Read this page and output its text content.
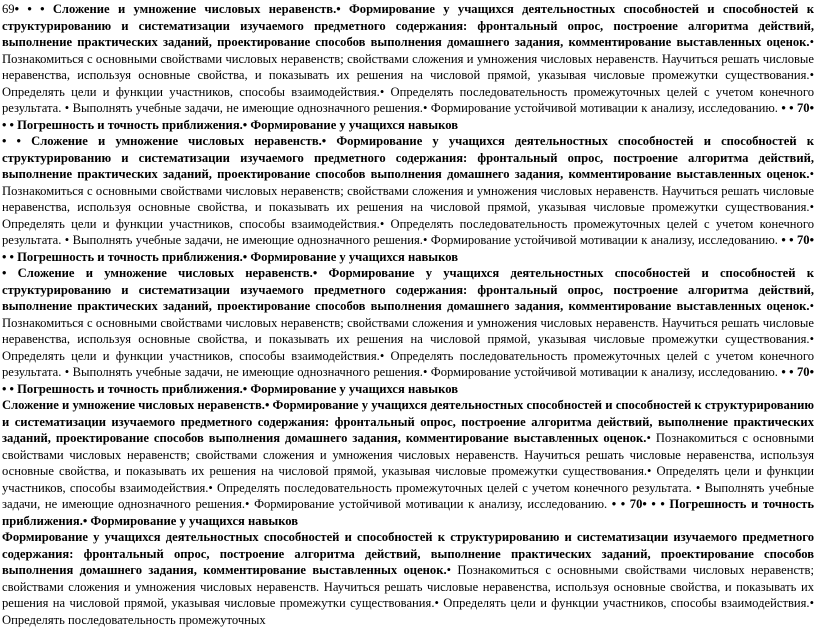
69• • • Сложение и умножение числовых неравенств.• Формирование у учащихся деятельностных способностей и способностей к структурированию и систематизации изучаемого предметного содержания: фронтальный опрос, построение алгоритма действий, выполнение практических заданий, проектирование способов выполнения домашнего задания, комментирование выставленных оценок.• Познакомиться с основными свойствами числовых неравенств; свойствами сложения и умножения числовых неравенств. Научиться решать числовые неравенства, используя основные свойства, и показывать их решения на числовой прямой, указывая числовые промежутки существования.• Определять цели и функции участников, способы взаимодействия.• Определять последовательность промежуточных целей с учетом конечного результата. • Выполнять учебные задачи, не имеющие однозначного решения.• Формирование устойчивой мотивации к анализу, исследованию. • • 70• • • Погрешность и точность приближения.• Формирование у учащихся навыков

• • Сложение и умножение числовых неравенств.• Формирование у учащихся деятельностных способностей и способностей к структурированию и систематизации изучаемого предметного содержания: фронтальный опрос, построение алгоритма действий, выполнение практических заданий, проектирование способов выполнения домашнего задания, комментирование выставленных оценок.• Познакомиться с основными свойствами числовых неравенств; свойствами сложения и умножения числовых неравенств. Научиться решать числовые неравенства, используя основные свойства, и показывать их решения на числовой прямой, указывая числовые промежутки существования.• Определять цели и функции участников, способы взаимодействия.• Определять последовательность промежуточных целей с учетом конечного результата. • Выполнять учебные задачи, не имеющие однозначного решения.• Формирование устойчивой мотивации к анализу, исследованию. • • 70• • • Погрешность и точность приближения.• Формирование у учащихся навыков

• Сложение и умножение числовых неравенств.• Формирование у учащихся деятельностных способностей и способностей к структурированию и систематизации изучаемого предметного содержания: фронтальный опрос, построение алгоритма действий, выполнение практических заданий, проектирование способов выполнения домашнего задания, комментирование выставленных оценок.• Познакомиться с основными свойствами числовых неравенств; свойствами сложения и умножения числовых неравенств. Научиться решать числовые неравенства, используя основные свойства, и показывать их решения на числовой прямой, указывая числовые промежутки существования.• Определять цели и функции участников, способы взаимодействия.• Определять последовательность промежуточных целей с учетом конечного результата. • Выполнять учебные задачи, не имеющие однозначного решения.• Формирование устойчивой мотивации к анализу, исследованию. • • 70• • • Погрешность и точность приближения.• Формирование у учащихся навыков

Сложение и умножение числовых неравенств.• Формирование у учащихся деятельностных способностей и способностей к структурированию и систематизации изучаемого предметного содержания: фронтальный опрос, построение алгоритма действий, выполнение практических заданий, проектирование способов выполнения домашнего задания, комментирование выставленных оценок.• Познакомиться с основными свойствами числовых неравенств; свойствами сложения и умножения числовых неравенств. Научиться решать числовые неравенства, используя основные свойства, и показывать их решения на числовой прямой, указывая числовые промежутки существования.• Определять цели и функции участников, способы взаимодействия.• Определять последовательность промежуточных целей с учетом конечного результата. • Выполнять учебные задачи, не имеющие однозначного решения.• Формирование устойчивой мотивации к анализу, исследованию. • • 70• • • Погрешность и точность приближения.• Формирование у учащихся навыков

Формирование у учащихся деятельностных способностей и способностей к структурированию и систематизации изучаемого предметного содержания: фронтальный опрос, построение алгоритма действий, выполнение практических заданий, проектирование способов выполнения домашнего задания, комментирование выставленных оценок.• Познакомиться с основными свойствами числовых неравенств; свойствами сложения и умножения числовых неравенств. Научиться решать числовые неравенства, используя основные свойства, и показывать их решения на числовой прямой, указывая числовые промежутки существования.• Определять цели и функции участников, способы взаимодействия.• Определять последовательность промежуточных
